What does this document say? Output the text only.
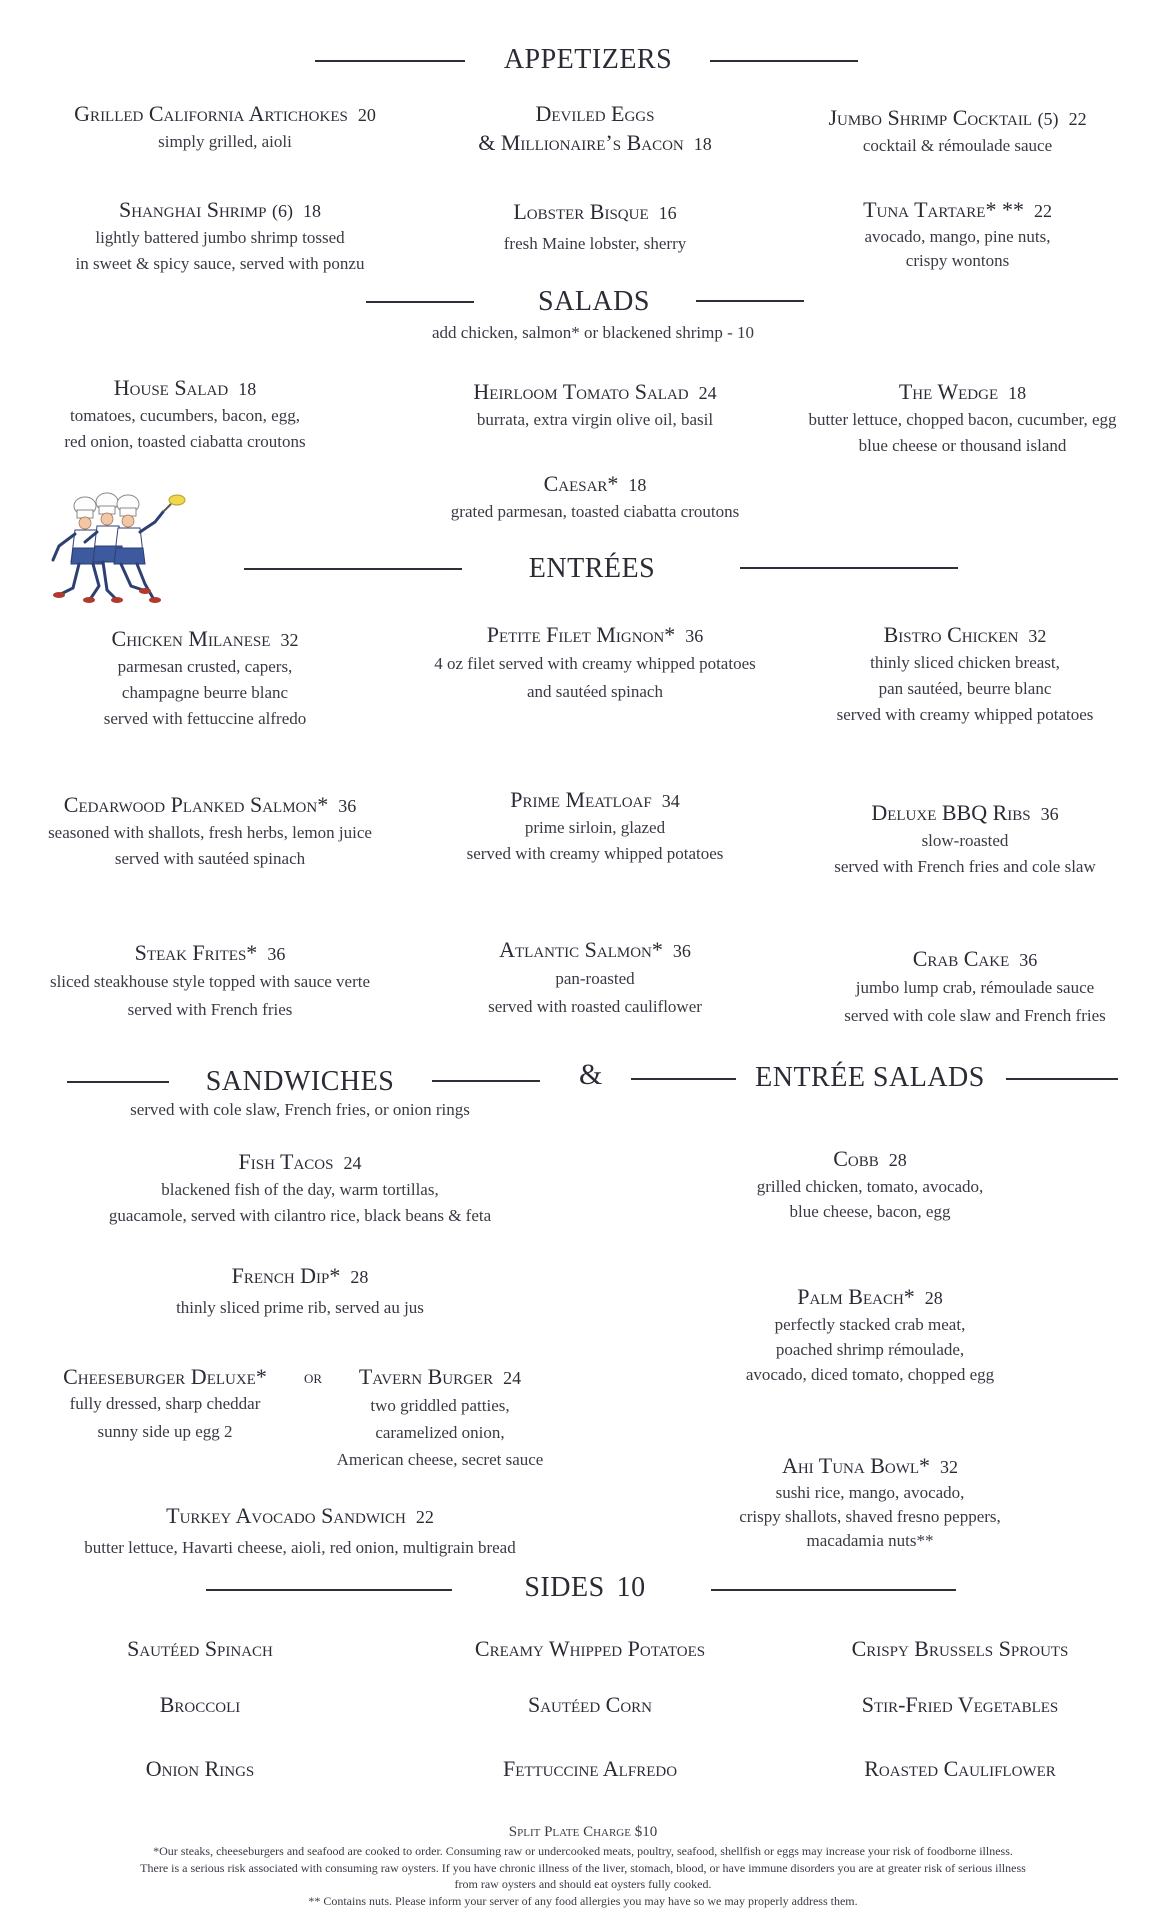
APPETIZERS
Grilled California Artichokes 20
simply grilled, aioli
Deviled Eggs
& Millionaire’s Bacon 18
Jumbo Shrimp Cocktail (5) 22
cocktail & rémoulade sauce
Shanghai Shrimp (6) 18
lightly battered jumbo shrimp tossed
in sweet & spicy sauce, served with ponzu
Lobster Bisque 16
fresh Maine lobster, sherry
Tuna Tartare* ** 22
avocado, mango, pine nuts,
crispy wontons
SALADS
add chicken, salmon* or blackened shrimp - 10
House Salad 18
tomatoes, cucumbers, bacon, egg,
red onion, toasted ciabatta croutons
Heirloom Tomato Salad 24
burrata, extra virgin olive oil, basil
The Wedge 18
butter lettuce, chopped bacon, cucumber, egg
blue cheese or thousand island
Caesar* 18
grated parmesan, toasted ciabatta croutons
ENTRÉES
Chicken Milanese 32
parmesan crusted, capers,
champagne beurre blanc
served with fettuccine alfredo
Petite Filet Mignon* 36
4 oz filet served with creamy whipped potatoes
and sautéed spinach
Bistro Chicken 32
thinly sliced chicken breast,
pan sautéed, beurre blanc
served with creamy whipped potatoes
Cedarwood Planked Salmon* 36
seasoned with shallots, fresh herbs, lemon juice
served with sautéed spinach
Prime Meatloaf 34
prime sirloin, glazed
served with creamy whipped potatoes
Deluxe BBQ Ribs 36
slow-roasted
served with French fries and cole slaw
Steak Frites* 36
sliced steakhouse style topped with sauce verte
served with French fries
Atlantic Salmon* 36
pan-roasted
served with roasted cauliflower
Crab Cake 36
jumbo lump crab, rémoulade sauce
served with cole slaw and French fries
SANDWICHES	&	ENTRÉE SALADS
served with cole slaw, French fries, or onion rings
Fish Tacos 24
blackened fish of the day, warm tortillas,
guacamole, served with cilantro rice, black beans & feta
French Dip* 28
thinly sliced prime rib, served au jus
Cheeseburger Deluxe*
fully dressed, sharp cheddar
sunny side up egg 2
or	Tavern Burger 24
two griddled patties,
caramelized onion,
American cheese, secret sauce
Turkey Avocado Sandwich 22
butter lettuce, Havarti cheese, aioli, red onion, multigrain bread
Cobb 28
grilled chicken, tomato, avocado,
blue cheese, bacon, egg
Palm Beach* 28
perfectly stacked crab meat,
poached shrimp rémoulade,
avocado, diced tomato, chopped egg
Ahi Tuna Bowl* 32
sushi rice, mango, avocado,
crispy shallots, shaved fresno peppers,
macadamia nuts**
SIDES 10
Sautéed Spinach	Creamy Whipped Potatoes	Crispy Brussels Sprouts
Broccoli	Sautéed Corn	Stir-Fried Vegetables
Onion Rings	Fettuccine Alfredo	Roasted Cauliflower
Split Plate Charge $10
*Our steaks, cheeseburgers and seafood are cooked to order. Consuming raw or undercooked meats, poultry, seafood, shellfish or eggs may increase your risk of foodborne illness.
There is a serious risk associated with consuming raw oysters. If you have chronic illness of the liver, stomach, blood, or have immune disorders you are at greater risk of serious illness
from raw oysters and should eat oysters fully cooked.
** Contains nuts. Please inform your server of any food allergies you may have so we may properly address them.
